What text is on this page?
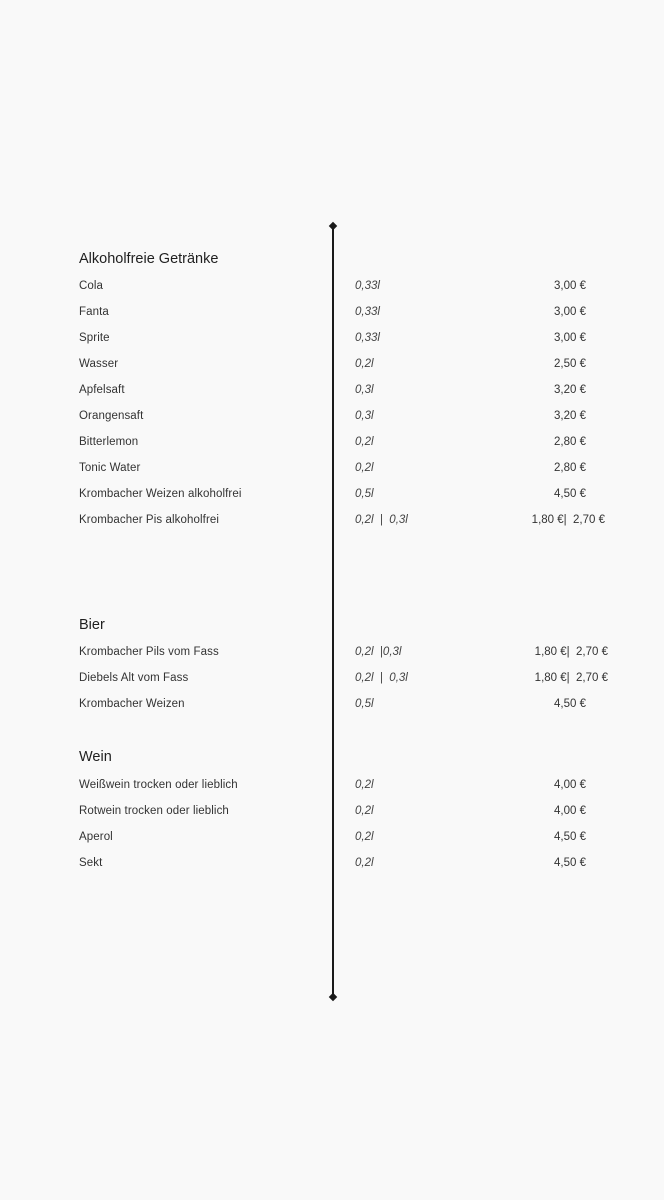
Alkoholfreie Getränke
Cola	0,33l	3,00 €
Fanta	0,33l	3,00 €
Sprite	0,33l	3,00 €
Wasser	0,2l	2,50 €
Apfelsaft	0,3l	3,20 €
Orangensaft	0,3l	3,20 €
Bitterlemon	0,2l	2,80 €
Tonic Water	0,2l	2,80 €
Krombacher Weizen alkoholfrei	0,5l	4,50 €
Krombacher Pis alkoholfrei	0,2l  |  0,3l	1,80 €|  2,70 €
Bier
Krombacher Pils vom Fass	0,2l  |0,3l	1,80 €|  2,70 €
Diebels Alt vom Fass	0,2l  |  0,3l	1,80 €|  2,70 €
Krombacher Weizen	0,5l	4,50 €
Wein
Weißwein trocken oder lieblich	0,2l	4,00 €
Rotwein trocken oder lieblich	0,2l	4,00 €
Aperol	0,2l	4,50 €
Sekt	0,2l	4,50 €
